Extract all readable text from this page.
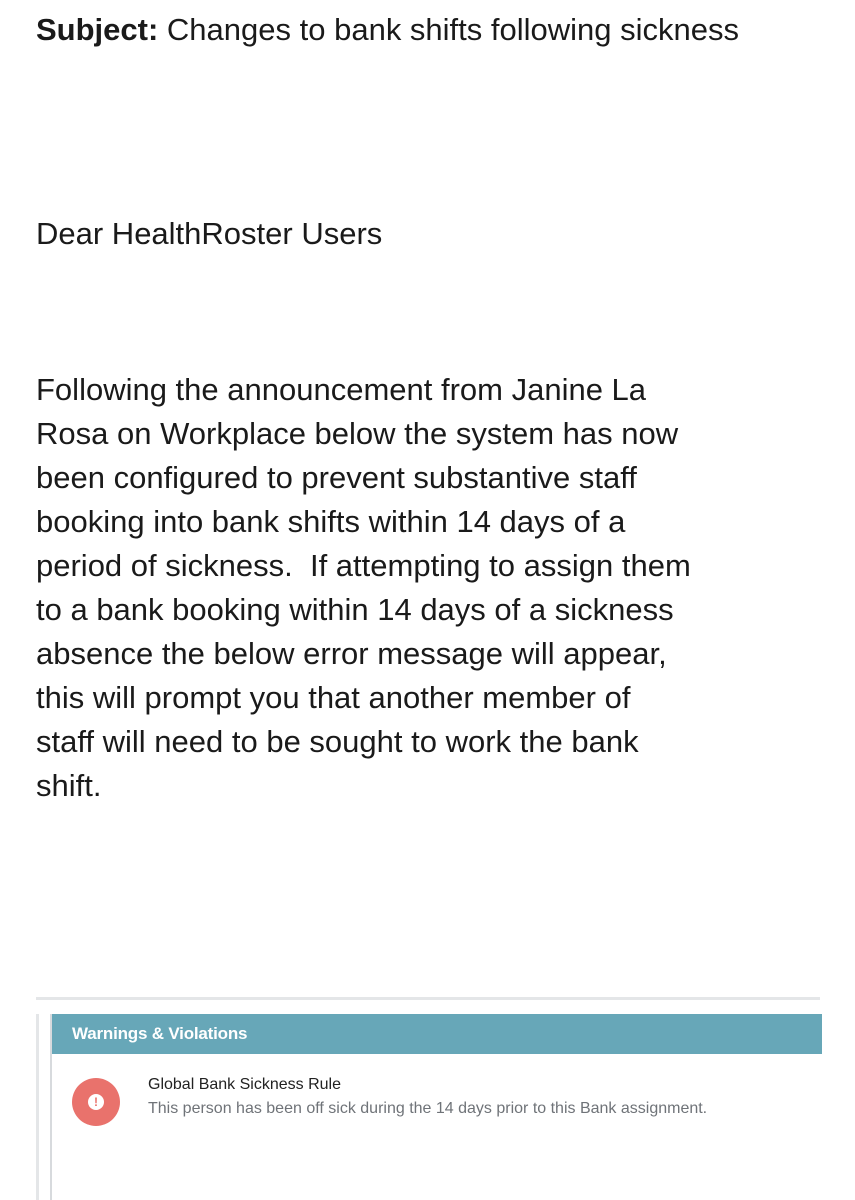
Subject: Changes to bank shifts following sickness
Dear HealthRoster Users
Following the announcement from Janine La
Rosa on Workplace below the system has now
been configured to prevent substantive staff
booking into bank shifts within 14 days of a
period of sickness.  If attempting to assign them
to a bank booking within 14 days of a sickness
absence the below error message will appear,
this will prompt you that another member of
staff will need to be sought to work the bank
shift.
Warnings & Violations
!
Global Bank Sickness Rule
This person has been off sick during the 14 days prior to this Bank assignment.
